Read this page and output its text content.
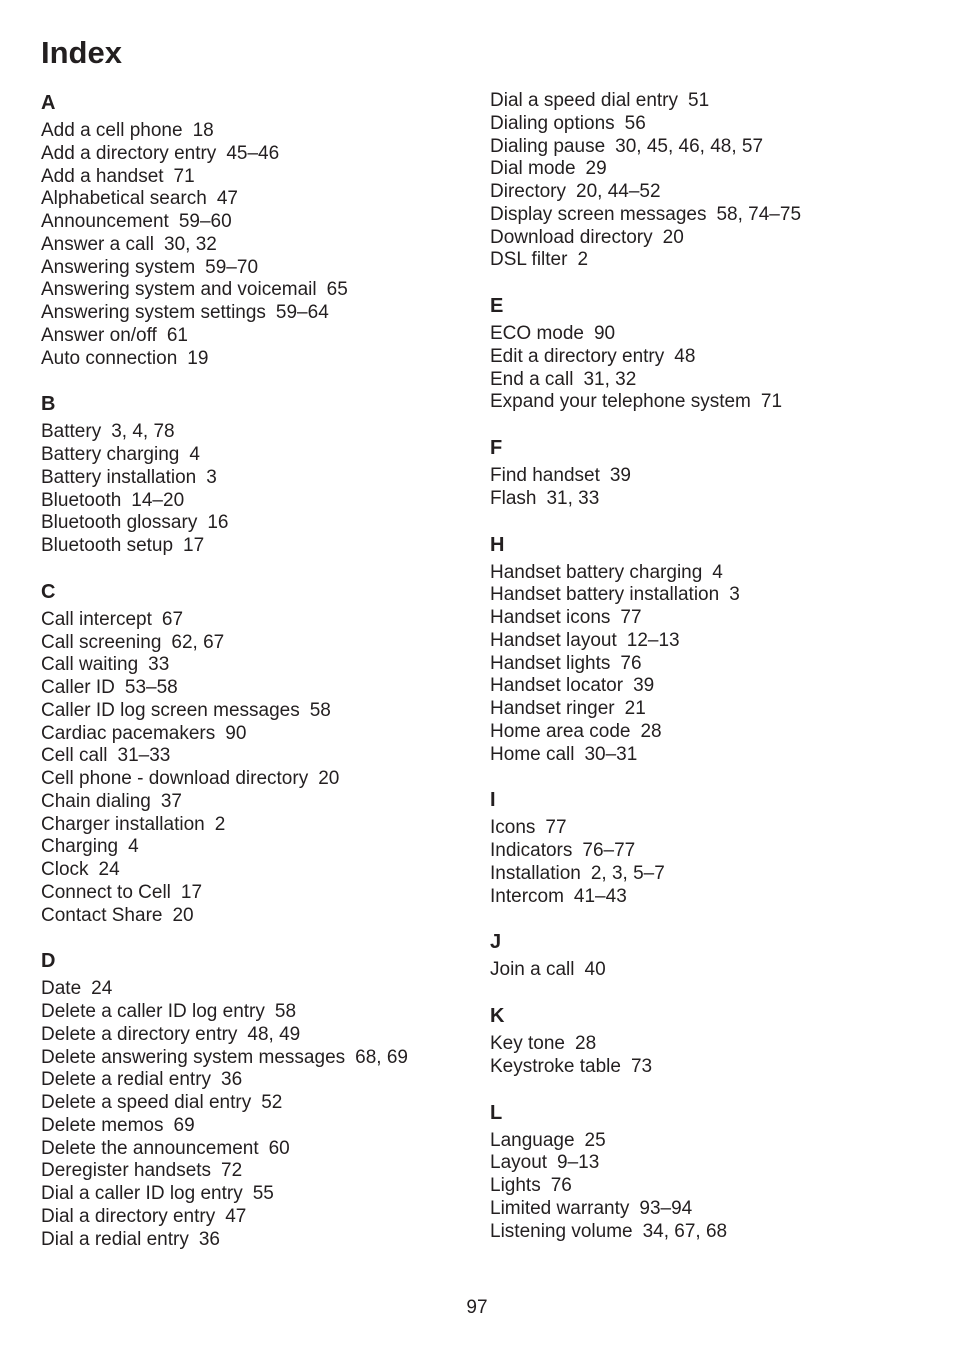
Index
A
Add a cell phone 18
Add a directory entry 45–46
Add a handset 71
Alphabetical search 47
Announcement 59–60
Answer a call 30, 32
Answering system 59–70
Answering system and voicemail 65
Answering system settings 59–64
Answer on/off 61
Auto connection 19
B
Battery 3, 4, 78
Battery charging 4
Battery installation 3
Bluetooth 14–20
Bluetooth glossary 16
Bluetooth setup 17
C
Call intercept 67
Call screening 62, 67
Call waiting 33
Caller ID 53–58
Caller ID log screen messages 58
Cardiac pacemakers 90
Cell call 31–33
Cell phone - download directory 20
Chain dialing 37
Charger installation 2
Charging 4
Clock 24
Connect to Cell 17
Contact Share 20
D
Date 24
Delete a caller ID log entry 58
Delete a directory entry 48, 49
Delete answering system messages 68, 69
Delete a redial entry 36
Delete a speed dial entry 52
Delete memos 69
Delete the announcement 60
Deregister handsets 72
Dial a caller ID log entry 55
Dial a directory entry 47
Dial a redial entry 36
Dial a speed dial entry 51
Dialing options 56
Dialing pause 30, 45, 46, 48, 57
Dial mode 29
Directory 20, 44–52
Display screen messages 58, 74–75
Download directory 20
DSL filter 2
E
ECO mode 90
Edit a directory entry 48
End a call 31, 32
Expand your telephone system 71
F
Find handset 39
Flash 31, 33
H
Handset battery charging 4
Handset battery installation 3
Handset icons 77
Handset layout 12–13
Handset lights 76
Handset locator 39
Handset ringer 21
Home area code 28
Home call 30–31
I
Icons 77
Indicators 76–77
Installation 2, 3, 5–7
Intercom 41–43
J
Join a call 40
K
Key tone 28
Keystroke table 73
L
Language 25
Layout 9–13
Lights 76
Limited warranty 93–94
Listening volume 34, 67, 68
97
